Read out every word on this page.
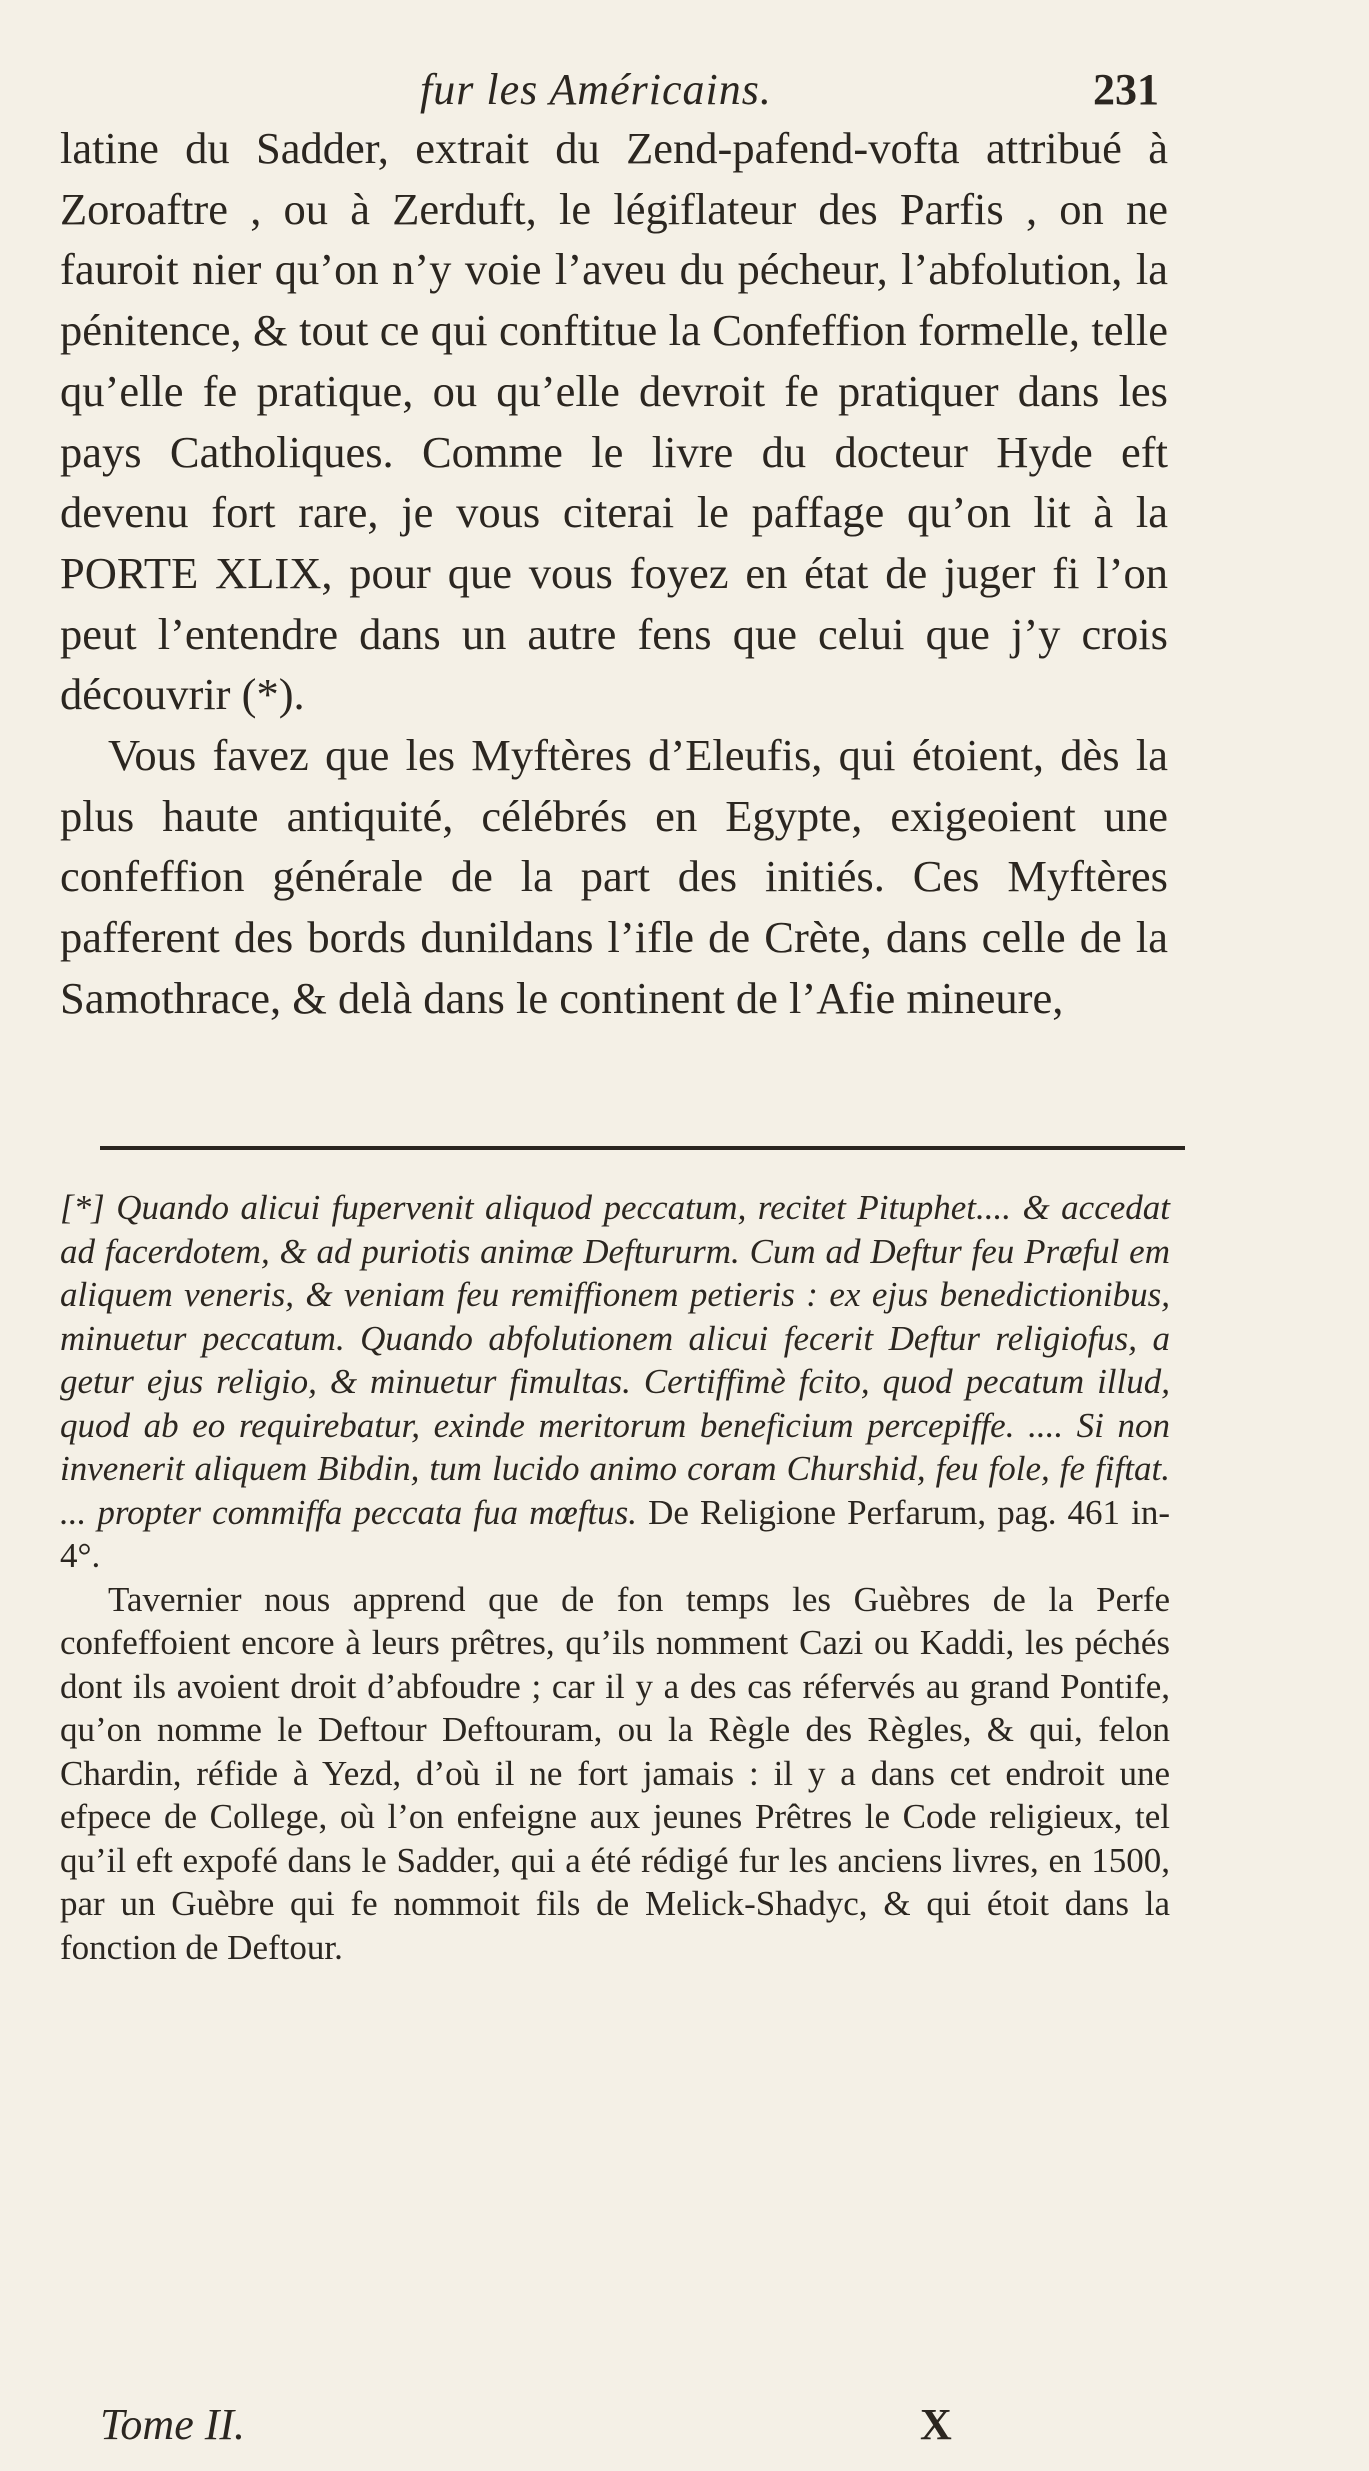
fur les Américains.	231

latine du Sadder, extrait du Zend-pafend-vofta attribué à Zoroaftre , ou à Zerduft, le légiflateur des Parfis , on ne fauroit nier qu’on n’y voie l’aveu du pécheur, l’abfolution, la pénitence, & tout ce qui conftitue la Confeffion formelle, telle qu’elle fe pratique, ou qu’elle devroit fe pratiquer dans les pays Catholiques. Comme le livre du docteur Hyde eft devenu fort rare, je vous citerai le paffage qu’on lit à la PORTE XLIX, pour que vous foyez en état de juger fi l’on peut l’entendre dans un autre fens que celui que j’y crois découvrir (*).

Vous favez que les Myftères d’Eleufis, qui étoient, dès la plus haute antiquité, célébrés en Egypte, exigeoient une confeffion générale de la part des initiés. Ces Myftères pafferent des bords dunildans l’ifle de Crète, dans celle de la Samothrace, & delà dans le continent de l’Afie mineure,

[*] Quando alicui fupervenit aliquod peccatum, recitet Pituphet.... & accedat ad facerdotem, & ad puriotis animæ Deftururm. Cum ad Deftur feu Præful em aliquem veneris, & veniam feu remiffionem petieris : ex ejus benedictionibus, minuetur peccatum. Quando abfolutionem alicui fecerit Deftur religiofus, a getur ejus religio, & minuetur fimultas. Certiffimè fcito, quod pecatum illud, quod ab eo requirebatur, exinde meritorum beneficium percepiffe. .... Si non invenerit aliquem Bibdin, tum lucido animo coram Churshid, feu fole, fe fiftat. ... propter commiffa peccata fua mœftus. De Religione Perfarum, pag. 461 in-4°.

Tavernier nous apprend que de fon temps les Guèbres de la Perfe confeffoient encore à leurs prêtres, qu’ils nomment Cazi ou Kaddi, les péchés dont ils avoient droit d’abfoudre ; car il y a des cas réfervés au grand Pontife, qu’on nomme le Deftour Deftouram, ou la Règle des Règles, & qui, felon Chardin, réfide à Yezd, d’où il ne fort jamais : il y a dans cet endroit une efpece de College, où l’on enfeigne aux jeunes Prêtres le Code religieux, tel qu’il eft expofé dans le Sadder, qui a été rédigé fur les anciens livres, en 1500, par un Guèbre qui fe nommoit fils de Melick-Shadyc, & qui étoit dans la fonction de Deftour.

Tome II.	X
